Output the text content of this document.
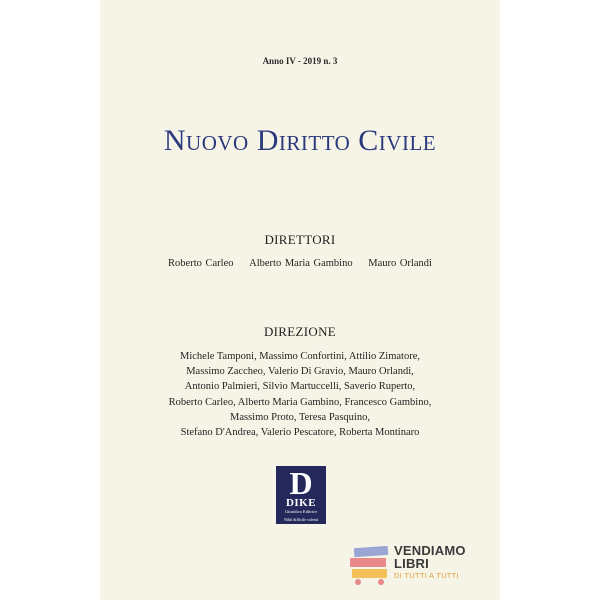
Anno IV - 2019 n. 3
Nuovo Diritto Civile
DIRETTORI
Roberto Carleo Alberto Maria Gambino Mauro Orlandi
DIREZIONE
Michele Tamponi, Massimo Confortini, Attilio Zimatore,
Massimo Zaccheo, Valerio Di Gravio, Mauro Orlandi,
Antonio Palmieri, Silvio Martuccelli, Saverio Ruperto,
Roberto Carleo, Alberto Maria Gambino, Francesco Gambino,
Massimo Proto, Teresa Pasquino,
Stefano D'Andrea, Valerio Pescatore, Roberta Montinaro
D
DIKE
Giuridica Editrice
Nihil difficile volenti
VENDIAMO
LIBRI
DI TUTTI A TUTTI
